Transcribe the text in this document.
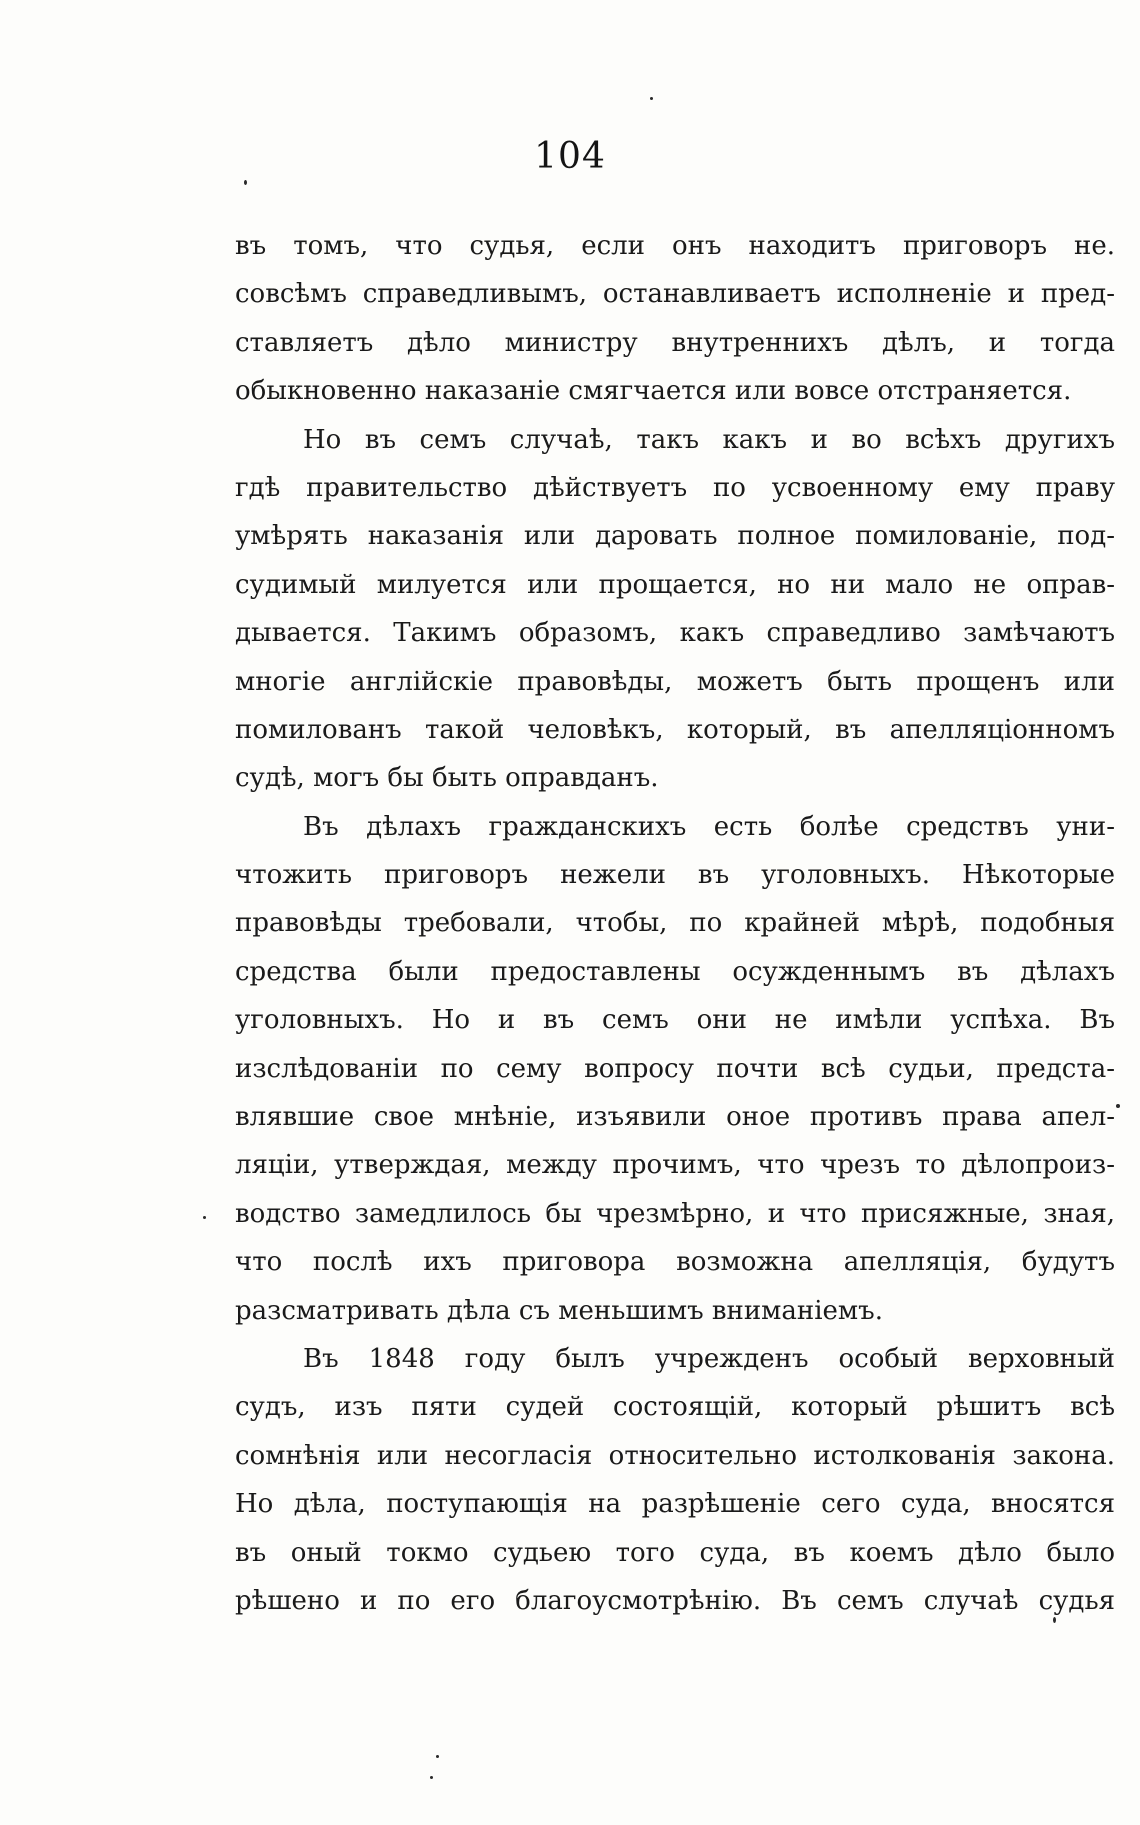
104
въ томъ, что судья, если онъ находитъ приговоръ не.
совсѣмъ справедливымъ, останавливаетъ исполненіе и пред-
ставляетъ дѣло министру внутреннихъ дѣлъ, и тогда
обыкновенно наказаніе смягчается или вовсе отстраняется.
Но въ семъ случаѣ, такъ какъ и во всѣхъ другихъ
гдѣ правительство дѣйствуетъ по усвоенному ему праву
умѣрять наказанія или даровать полное помилованіе, под-
судимый милуется или прощается, но ни мало не оправ-
дывается. Такимъ образомъ, какъ справедливо замѣчаютъ
многіе англійскіе правовѣды, можетъ быть прощенъ или
помилованъ такой человѣкъ, который, въ апелляціонномъ
судѣ, могъ бы быть оправданъ.
Въ дѣлахъ гражданскихъ есть болѣе средствъ уни-
чтожить приговоръ нежели въ уголовныхъ. Нѣкоторые
правовѣды требовали, чтобы, по крайней мѣрѣ, подобныя
средства были предоставлены осужденнымъ въ дѣлахъ
уголовныхъ. Но и въ семъ они не имѣли успѣха. Въ
изслѣдованіи по сему вопросу почти всѣ судьи, предста-
влявшие свое мнѣніе, изъявили оное противъ права апел-
ляціи, утверждая, между прочимъ, что чрезъ то дѣлопроиз-
водство замедлилось бы чрезмѣрно, и что присяжные, зная,
что послѣ ихъ приговора возможна апелляція, будутъ
разсматривать дѣла съ меньшимъ вниманіемъ.
Въ 1848 году былъ учрежденъ особый верховный
судъ, изъ пяти судей состоящій, который рѣшитъ всѣ
сомнѣнія или несогласія относительно истолкованія закона.
Но дѣла, поступающія на разрѣшеніе сего суда, вносятся
въ оный токмо судьею того суда, въ коемъ дѣло было
рѣшено и по его благоусмотрѣнію. Въ семъ случаѣ судья
